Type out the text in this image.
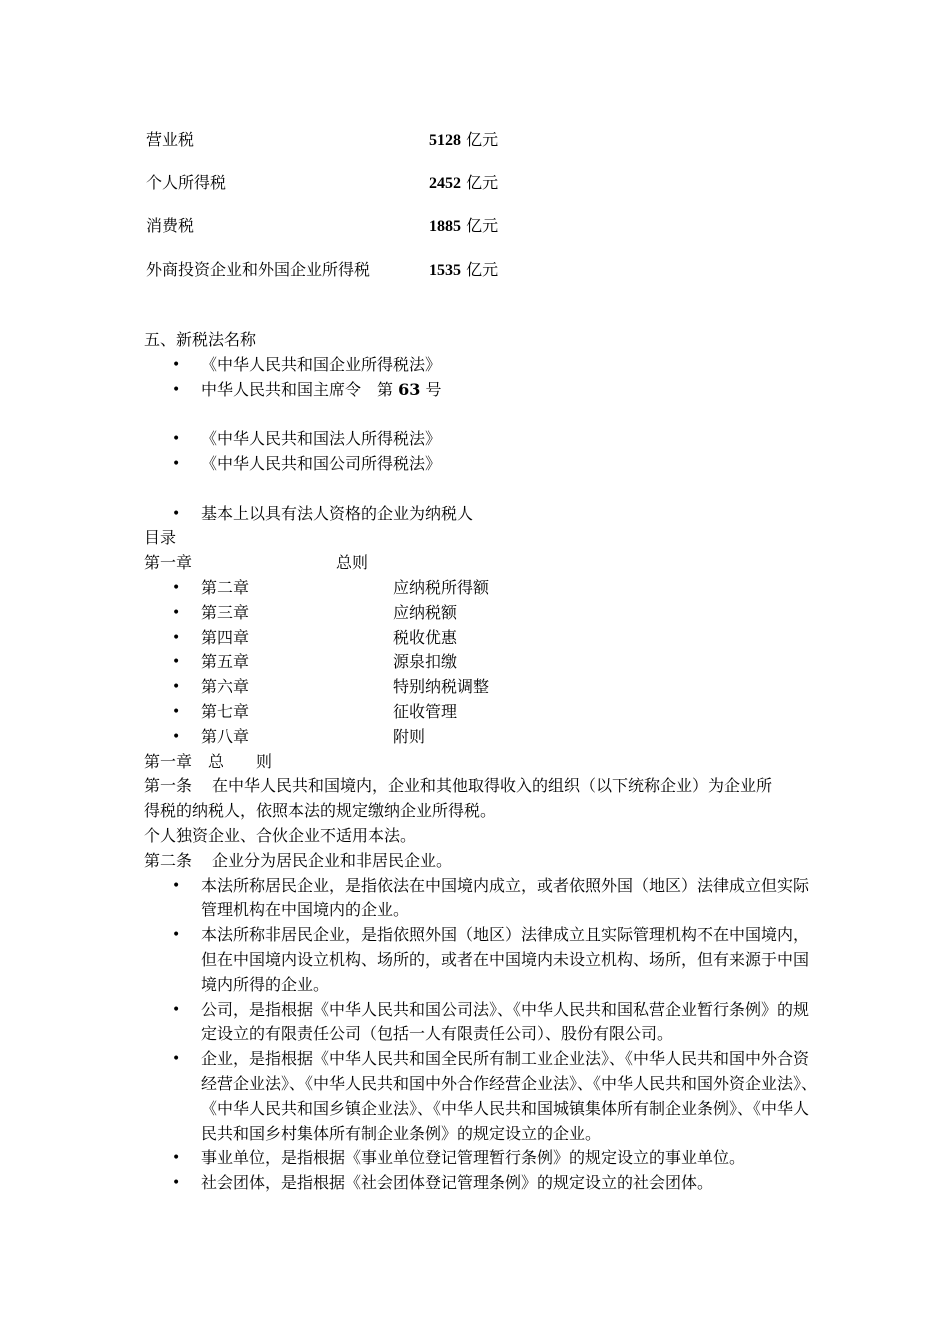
营业税	5128 亿元
个人所得税	2452 亿元
消费税	1885 亿元
外商投资企业和外国企业所得税	1535 亿元
五、新税法名称
• 《中华人民共和国企业所得税法》
• 中华人民共和国主席令　第 63 号
• 《中华人民共和国法人所得税法》
• 《中华人民共和国公司所得税法》
• 基本上以具有法人资格的企业为纳税人
目录
第一章	总则
• 第二章	应纳税所得额
• 第三章	应纳税额
• 第四章	税收优惠
• 第五章	源泉扣缴
• 第六章	特别纳税调整
• 第七章	征收管理
• 第八章	附则
第一章　总　　则
第一条 在中华人民共和国境内，企业和其他取得收入的组织（以下统称企业）为企业所
得税的纳税人，依照本法的规定缴纳企业所得税。
个人独资企业、合伙企业不适用本法。
第二条 企业分为居民企业和非居民企业。
• 本法所称居民企业，是指依法在中国境内成立，或者依照外国（地区）法律成立但实际管理机构在中国境内的企业。
• 本法所称非居民企业，是指依照外国（地区）法律成立且实际管理机构不在中国境内，但在中国境内设立机构、场所的，或者在中国境内未设立机构、场所，但有来源于中国境内所得的企业。
• 公司，是指根据《中华人民共和国公司法》、《中华人民共和国私营企业暂行条例》的规定设立的有限责任公司（包括一人有限责任公司）、股份有限公司。
• 企业，是指根据《中华人民共和国全民所有制工业企业法》、《中华人民共和国中外合资经营企业法》、《中华人民共和国中外合作经营企业法》、《中华人民共和国外资企业法》、《中华人民共和国乡镇企业法》、《中华人民共和国城镇集体所有制企业条例》、《中华人民共和国乡村集体所有制企业条例》的规定设立的企业。
• 事业单位，是指根据《事业单位登记管理暂行条例》的规定设立的事业单位。
• 社会团体，是指根据《社会团体登记管理条例》的规定设立的社会团体。
